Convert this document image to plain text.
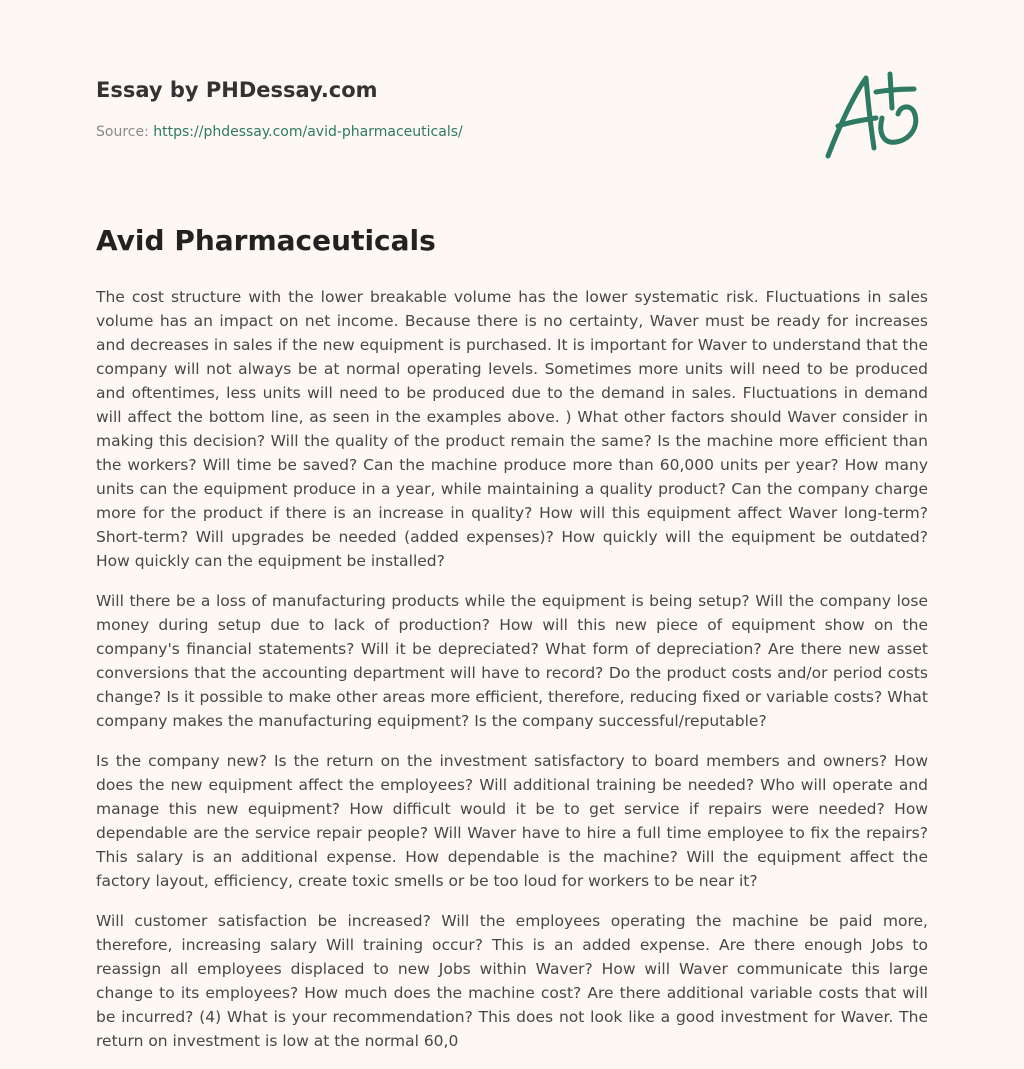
Essay by PHDessay.com
Source: https://phdessay.com/avid-pharmaceuticals/
Avid Pharmaceuticals

The cost structure with the lower breakable volume has the lower systematic risk. Fluctuations in sales volume has an impact on net income. Because there is no certainty, Waver must be ready for increases and decreases in sales if the new equipment is purchased. It is important for Waver to understand that the company will not always be at normal operating levels. Sometimes more units will need to be produced and oftentimes, less units will need to be produced due to the demand in sales. Fluctuations in demand will affect the bottom line, as seen in the examples above. ) What other factors should Waver consider in making this decision? Will the quality of the product remain the same? Is the machine more efficient than the workers? Will time be saved? Can the machine produce more than 60,000 units per year? How many units can the equipment produce in a year, while maintaining a quality product? Can the company charge more for the product if there is an increase in quality? How will this equipment affect Waver long-term? Short-term? Will upgrades be needed (added expenses)? How quickly will the equipment be outdated? How quickly can the equipment be installed?

Will there be a loss of manufacturing products while the equipment is being setup? Will the company lose money during setup due to lack of production? How will this new piece of equipment show on the company's financial statements? Will it be depreciated? What form of depreciation? Are there new asset conversions that the accounting department will have to record? Do the product costs and/or period costs change? Is it possible to make other areas more efficient, therefore, reducing fixed or variable costs? What company makes the manufacturing equipment? Is the company successful/reputable?

Is the company new? Is the return on the investment satisfactory to board members and owners? How does the new equipment affect the employees? Will additional training be needed? Who will operate and manage this new equipment? How difficult would it be to get service if repairs were needed? How dependable are the service repair people? Will Waver have to hire a full time employee to fix the repairs? This salary is an additional expense. How dependable is the machine? Will the equipment affect the factory layout, efficiency, create toxic smells or be too loud for workers to be near it?

Will customer satisfaction be increased? Will the employees operating the machine be paid more, therefore, increasing salary Will training occur? This is an added expense. Are there enough Jobs to reassign all employees displaced to new Jobs within Waver? How will Waver communicate this large change to its employees? How much does the machine cost? Are there additional variable costs that will be incurred? (4) What is your recommendation? This does not look like a good investment for Waver. The return on investment is low at the normal 60,0
